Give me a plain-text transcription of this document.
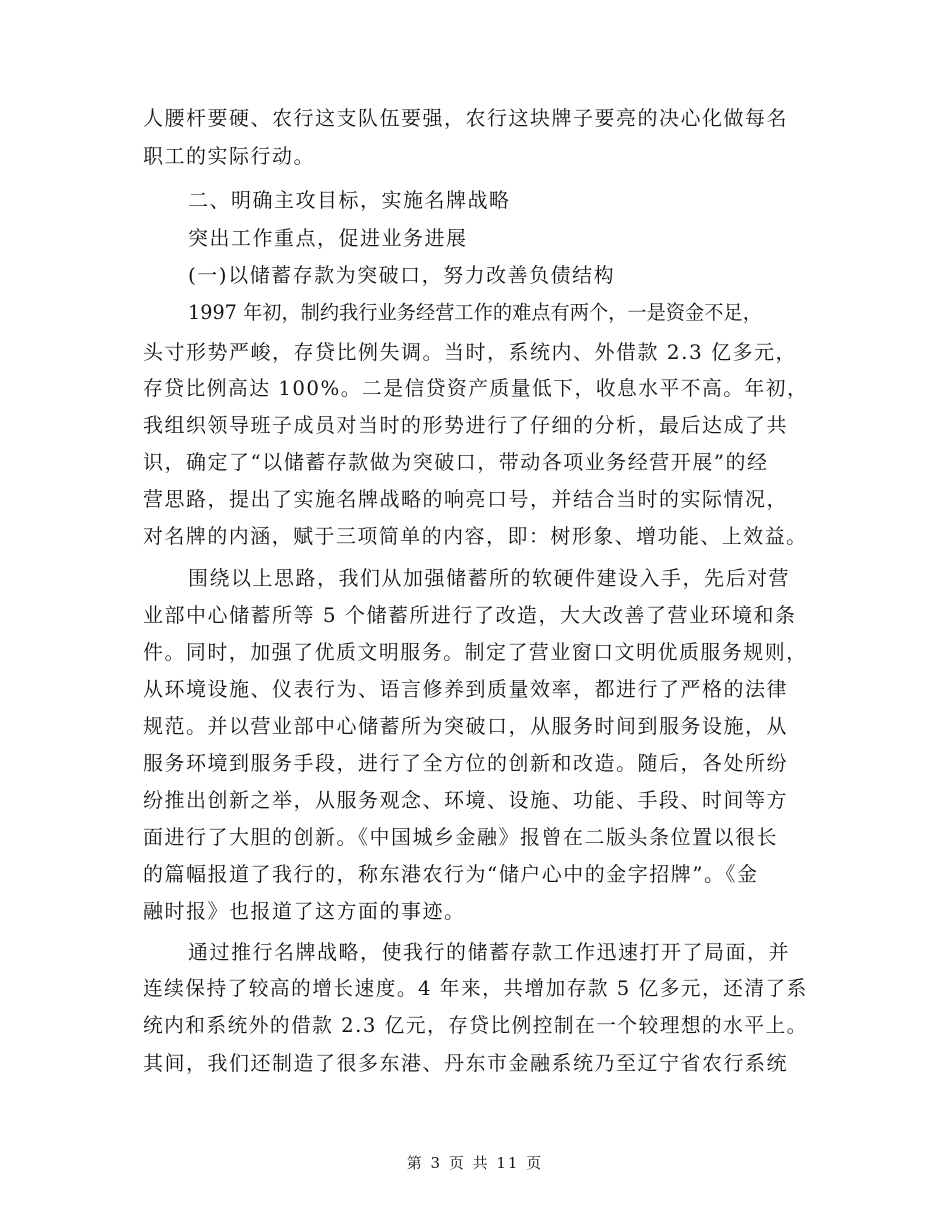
人腰杆要硬、农行这支队伍要强，农行这块牌子要亮的决心化做每名
职工的实际行动。
二、明确主攻目标，实施名牌战略
突出工作重点，促进业务进展
(一)以储蓄存款为突破口，努力改善负债结构
1997 年初，制约我行业务经营工作的难点有两个，一是资金不足，
头寸形势严峻，存贷比例失调。当时，系统内、外借款 2.3 亿多元，
存贷比例高达 100%。二是信贷资产质量低下，收息水平不高。年初，
我组织领导班子成员对当时的形势进行了仔细的分析，最后达成了共
识，确定了“以储蓄存款做为突破口，带动各项业务经营开展”的经
营思路，提出了实施名牌战略的响亮口号，并结合当时的实际情况，
对名牌的内涵，赋于三项简单的内容，即：树形象、增功能、上效益。
围绕以上思路，我们从加强储蓄所的软硬件建设入手，先后对营
业部中心储蓄所等 5 个储蓄所进行了改造，大大改善了营业环境和条
件。同时，加强了优质文明服务。制定了营业窗口文明优质服务规则，
从环境设施、仪表行为、语言修养到质量效率，都进行了严格的法律
规范。并以营业部中心储蓄所为突破口，从服务时间到服务设施，从
服务环境到服务手段，进行了全方位的创新和改造。随后，各处所纷
纷推出创新之举，从服务观念、环境、设施、功能、手段、时间等方
面进行了大胆的创新。《中国城乡金融》报曾在二版头条位置以很长
的篇幅报道了我行的，称东港农行为“储户心中的金字招牌”。《金
融时报》也报道了这方面的事迹。
通过推行名牌战略，使我行的储蓄存款工作迅速打开了局面，并
连续保持了较高的增长速度。4 年来，共增加存款 5 亿多元，还清了系
统内和系统外的借款 2.3 亿元，存贷比例控制在一个较理想的水平上。
其间，我们还制造了很多东港、丹东市金融系统乃至辽宁省农行系统
第 3 页 共 11 页
